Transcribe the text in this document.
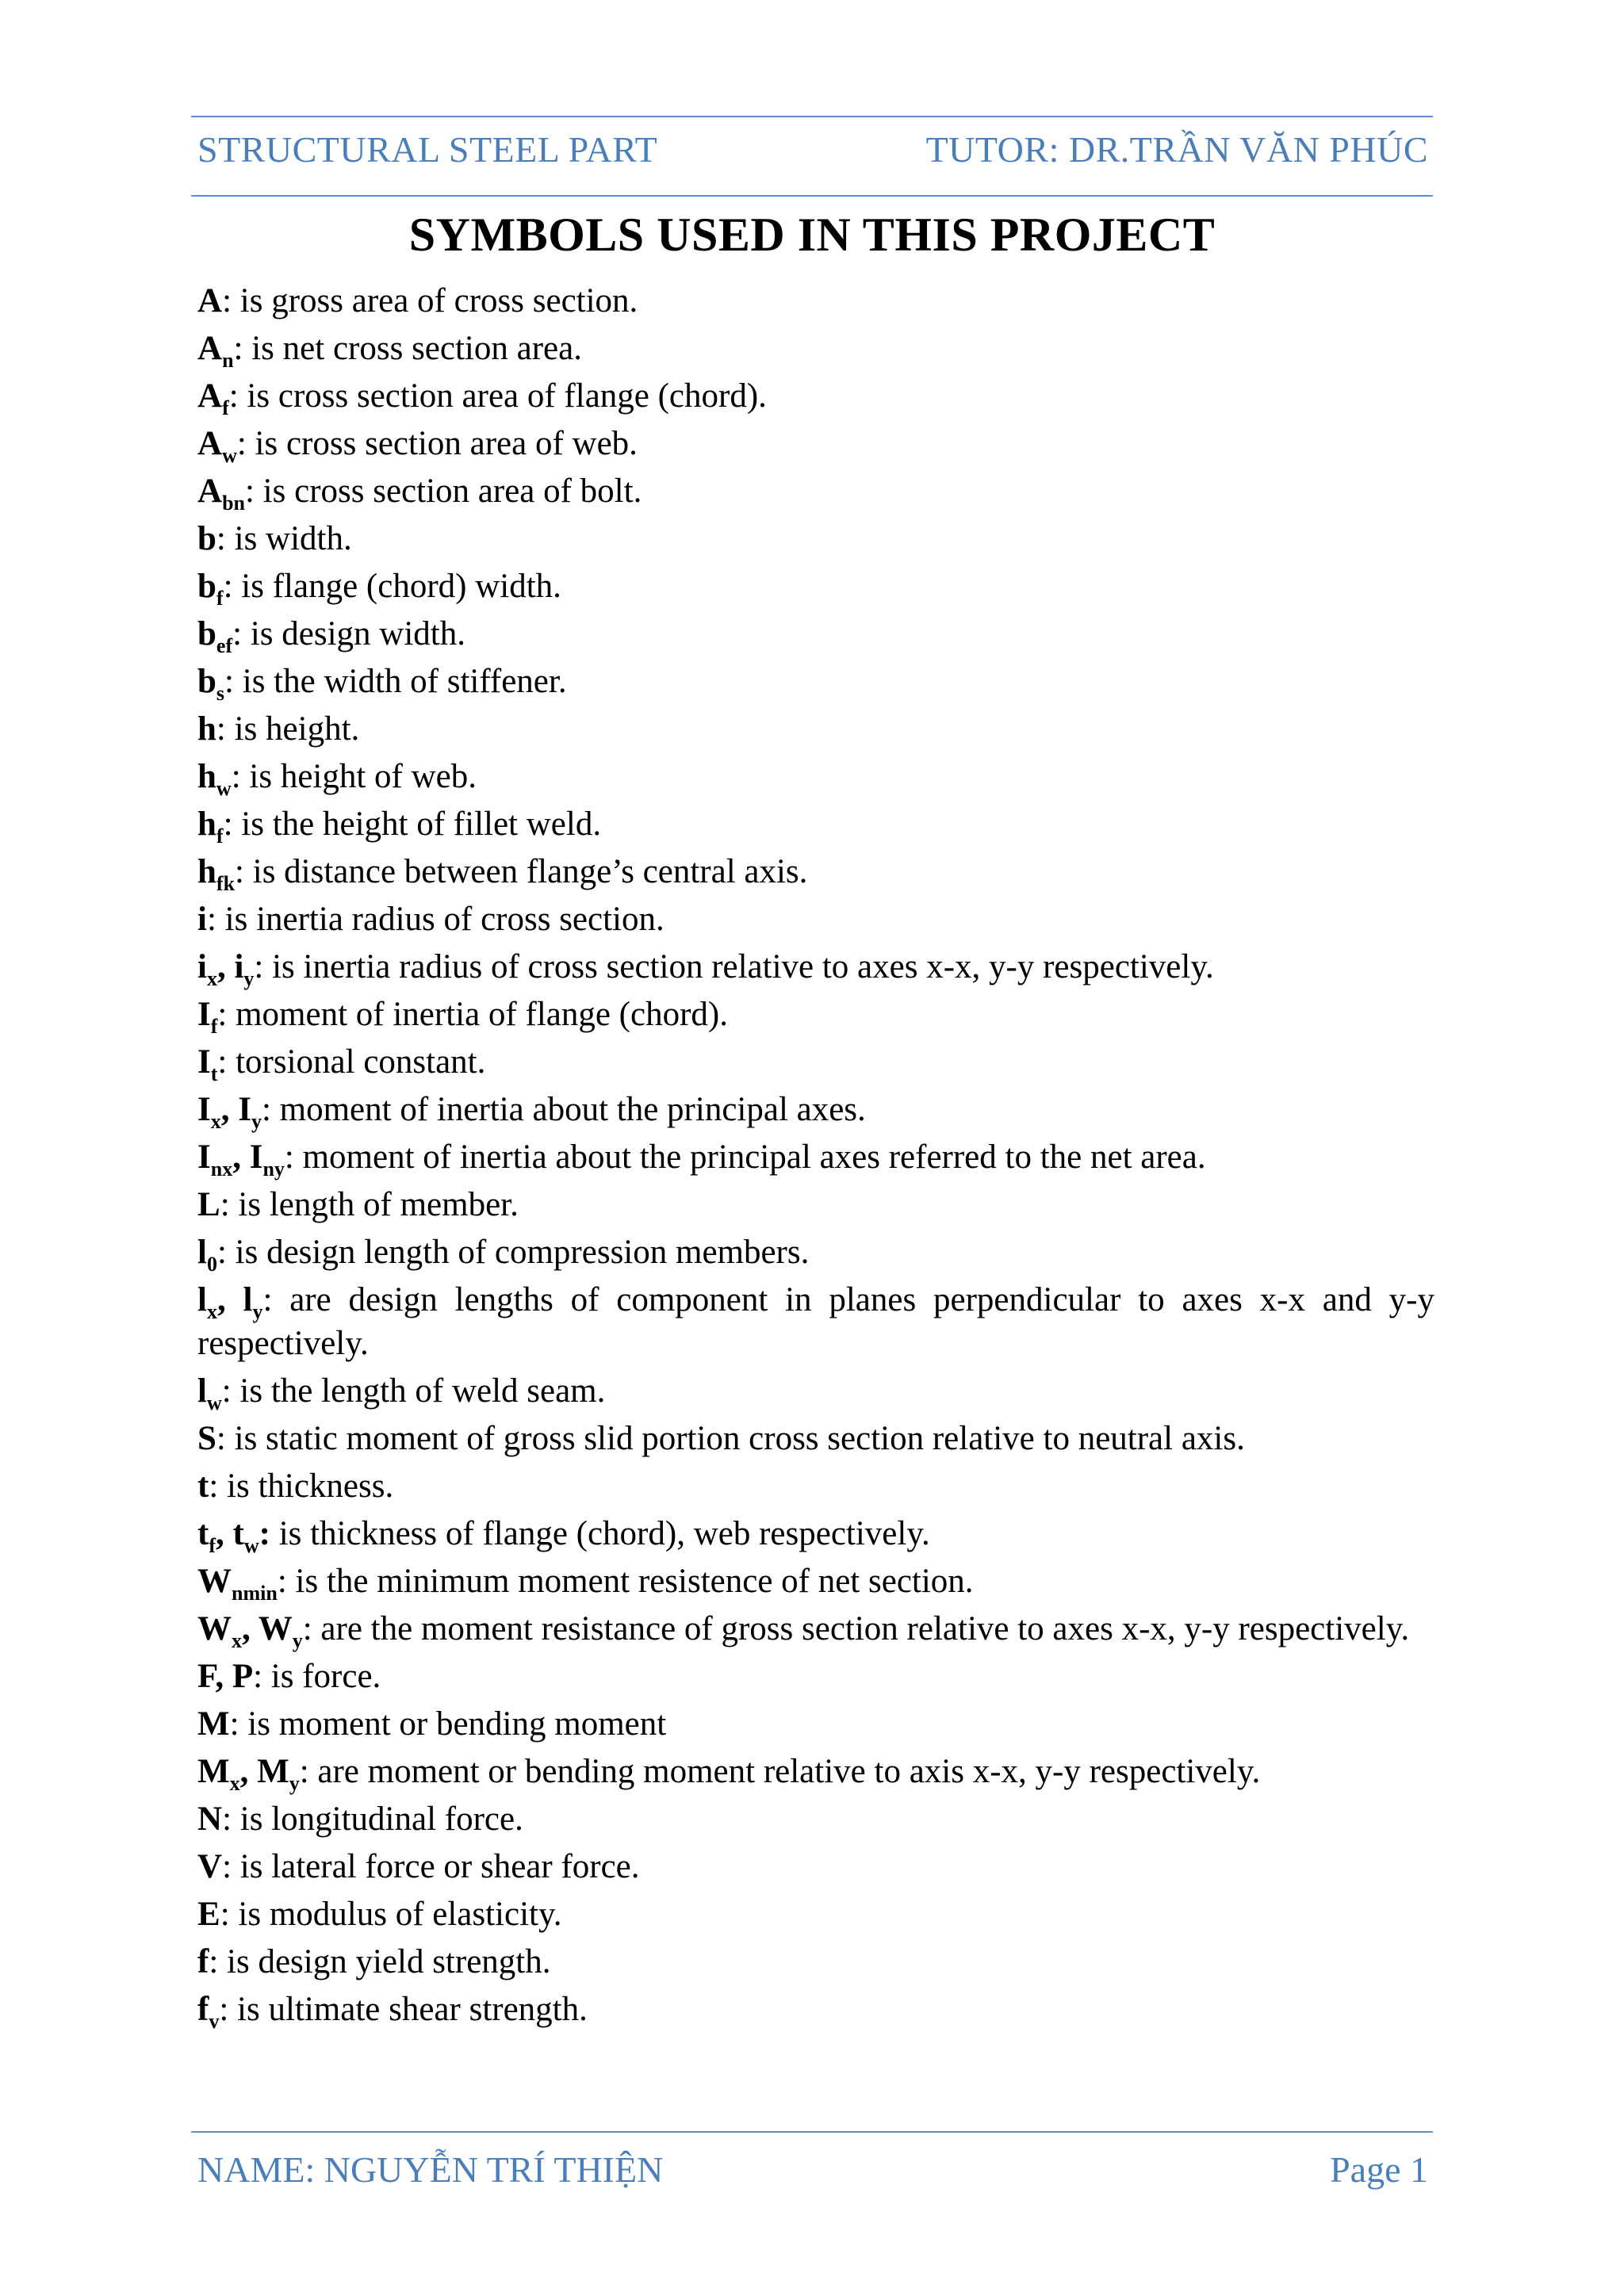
STRUCTURAL STEEL PART	TUTOR: DR.TRẦN VĂN PHÚC
SYMBOLS USED IN THIS PROJECT
A: is gross area of cross section.
$A_n$: is net cross section area.
$A_f$: is cross section area of flange (chord).
$A_w$: is cross section area of web.
$A_{bn}$: is cross section area of bolt.
b: is width.
$b_f$: is flange (chord) width.
$b_{ef}$: is design width.
$b_s$: is the width of stiffener.
h: is height.
$h_w$: is height of web.
$h_f$: is the height of fillet weld.
$h_{fk}$: is distance between flange’s central axis.
i: is inertia radius of cross section.
$i_x$, $i_y$: is inertia radius of cross section relative to axes x-x, y-y respectively.
$I_f$: moment of inertia of flange (chord).
$I_t$: torsional constant.
$I_x$, $I_y$: moment of inertia about the principal axes.
$I_{nx}$, $I_{ny}$: moment of inertia about the principal axes referred to the net area.
L: is length of member.
$l_0$: is design length of compression members.
$l_x$, $l_y$: are design lengths of component in planes perpendicular to axes x-x and y-y respectively.
$l_w$: is the length of weld seam.
S: is static moment of gross slid portion cross section relative to neutral axis.
t: is thickness.
$t_f$, $t_w$: is thickness of flange (chord), web respectively.
$W_{nmin}$: is the minimum moment resistence of net section.
$W_x$, $W_y$: are the moment resistance of gross section relative to axes x-x, y-y respectively.
F, P: is force.
M: is moment or bending moment
$M_x$, $M_y$: are moment or bending moment relative to axis x-x, y-y respectively.
N: is longitudinal force.
V: is lateral force or shear force.
E: is modulus of elasticity.
f: is design yield strength.
$f_v$: is ultimate shear strength.
NAME: NGUYỄN TRÍ THIỆN	Page 1
